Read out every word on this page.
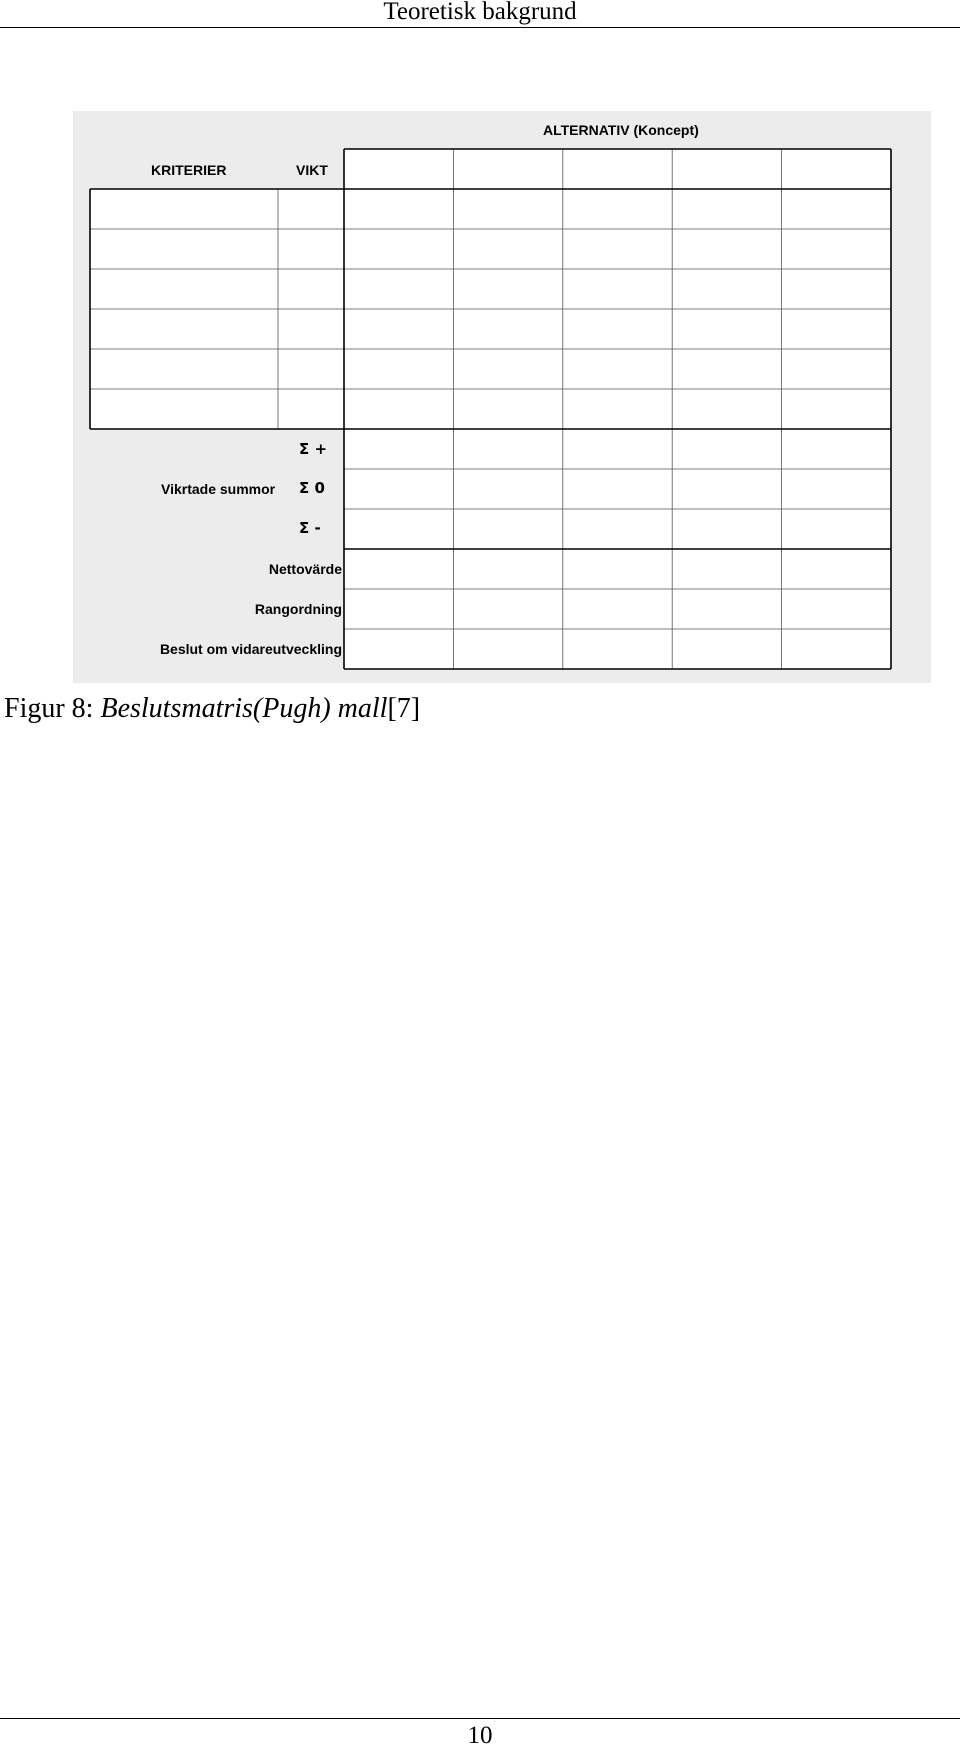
Teoretisk bakgrund
ALTERNATIV (Koncept)
KRITERIER	VIKT
Σ +
Vikrtade summor Σ 0
Σ -
Nettovärde
Rangordning
Beslut om vidareutveckling
Figur 8: Beslutsmatris(Pugh) mall[7]
10
